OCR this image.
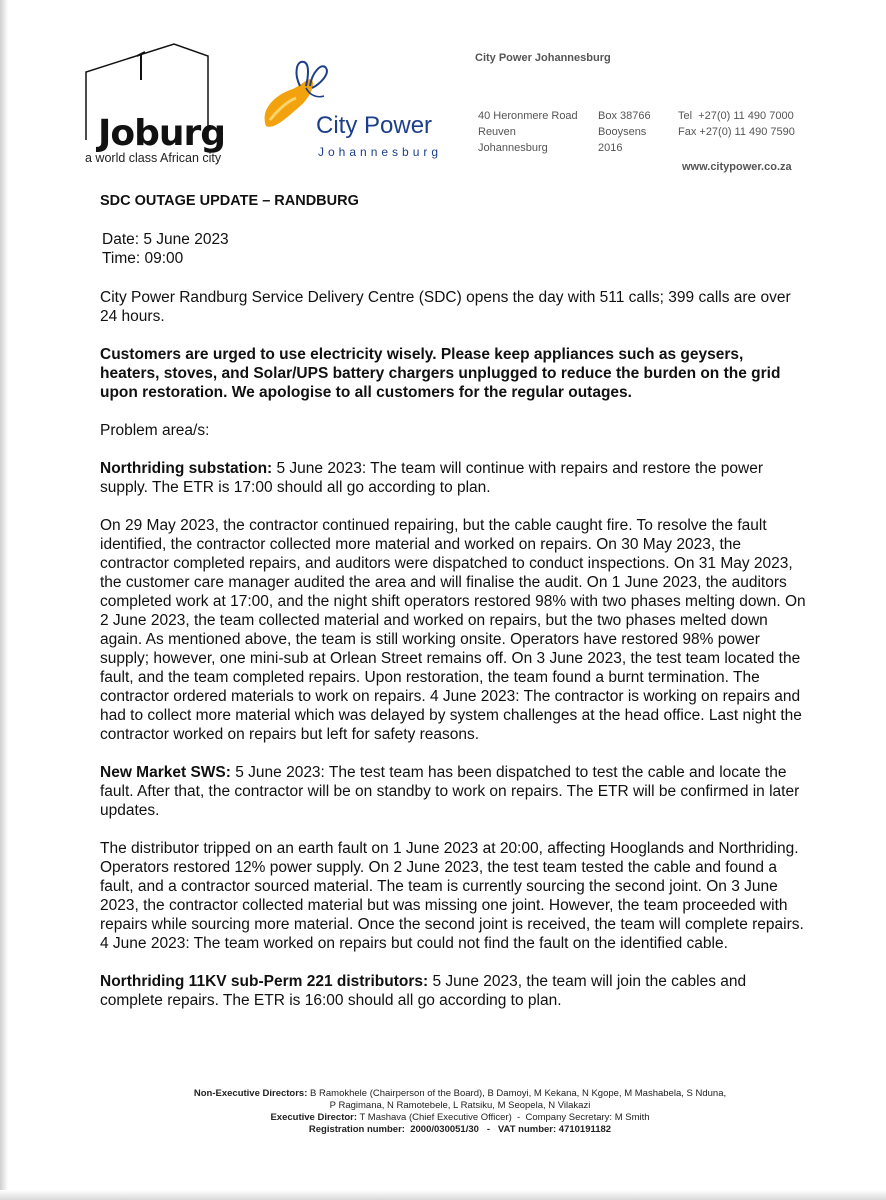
Joburg
a world class African city
City Power
Johannesburg
City Power Johannesburg
40 Heronmere Road
Reuven
Johannesburg
Box 38766
Booysens
2016
Tel  +27(0) 11 490 7000
Fax +27(0) 11 490 7590
www.citypower.co.za
SDC OUTAGE UPDATE – RANDBURG
Date: 5 June 2023
Time: 09:00

City Power Randburg Service Delivery Centre (SDC) opens the day with 511 calls; 399 calls are over 24 hours.

Customers are urged to use electricity wisely. Please keep appliances such as geysers, heaters, stoves, and Solar/UPS battery chargers unplugged to reduce the burden on the grid upon restoration. We apologise to all customers for the regular outages.

Problem area/s:

Northriding substation: 5 June 2023: The team will continue with repairs and restore the power supply. The ETR is 17:00 should all go according to plan.

On 29 May 2023, the contractor continued repairing, but the cable caught fire. To resolve the fault identified, the contractor collected more material and worked on repairs. On 30 May 2023, the contractor completed repairs, and auditors were dispatched to conduct inspections. On 31 May 2023, the customer care manager audited the area and will finalise the audit. On 1 June 2023, the auditors completed work at 17:00, and the night shift operators restored 98% with two phases melting down. On 2 June 2023, the team collected material and worked on repairs, but the two phases melted down again. As mentioned above, the team is still working onsite. Operators have restored 98% power supply; however, one mini-sub at Orlean Street remains off. On 3 June 2023, the test team located the fault, and the team completed repairs. Upon restoration, the team found a burnt termination. The contractor ordered materials to work on repairs. 4 June 2023: The contractor is working on repairs and had to collect more material which was delayed by system challenges at the head office. Last night the contractor worked on repairs but left for safety reasons.

New Market SWS: 5 June 2023: The test team has been dispatched to test the cable and locate the fault. After that, the contractor will be on standby to work on repairs. The ETR will be confirmed in later updates.

The distributor tripped on an earth fault on 1 June 2023 at 20:00, affecting Hooglands and Northriding. Operators restored 12% power supply. On 2 June 2023, the test team tested the cable and found a fault, and a contractor sourced material. The team is currently sourcing the second joint. On 3 June 2023, the contractor collected material but was missing one joint. However, the team proceeded with repairs while sourcing more material. Once the second joint is received, the team will complete repairs. 4 June 2023: The team worked on repairs but could not find the fault on the identified cable.

Northriding 11KV sub-Perm 221 distributors: 5 June 2023, the team will join the cables and complete repairs. The ETR is 16:00 should all go according to plan.

Non-Executive Directors: B Ramokhele (Chairperson of the Board), B Damoyi, M Kekana, N Kgope, M Mashabela, S Nduna,
P Ragimana, N Ramotebele, L Ratsiku, M Seopela, N Vilakazi
Executive Director: T Mashava (Chief Executive Officer)  -  Company Secretary: M Smith
Registration number:  2000/030051/30   -   VAT number: 4710191182
